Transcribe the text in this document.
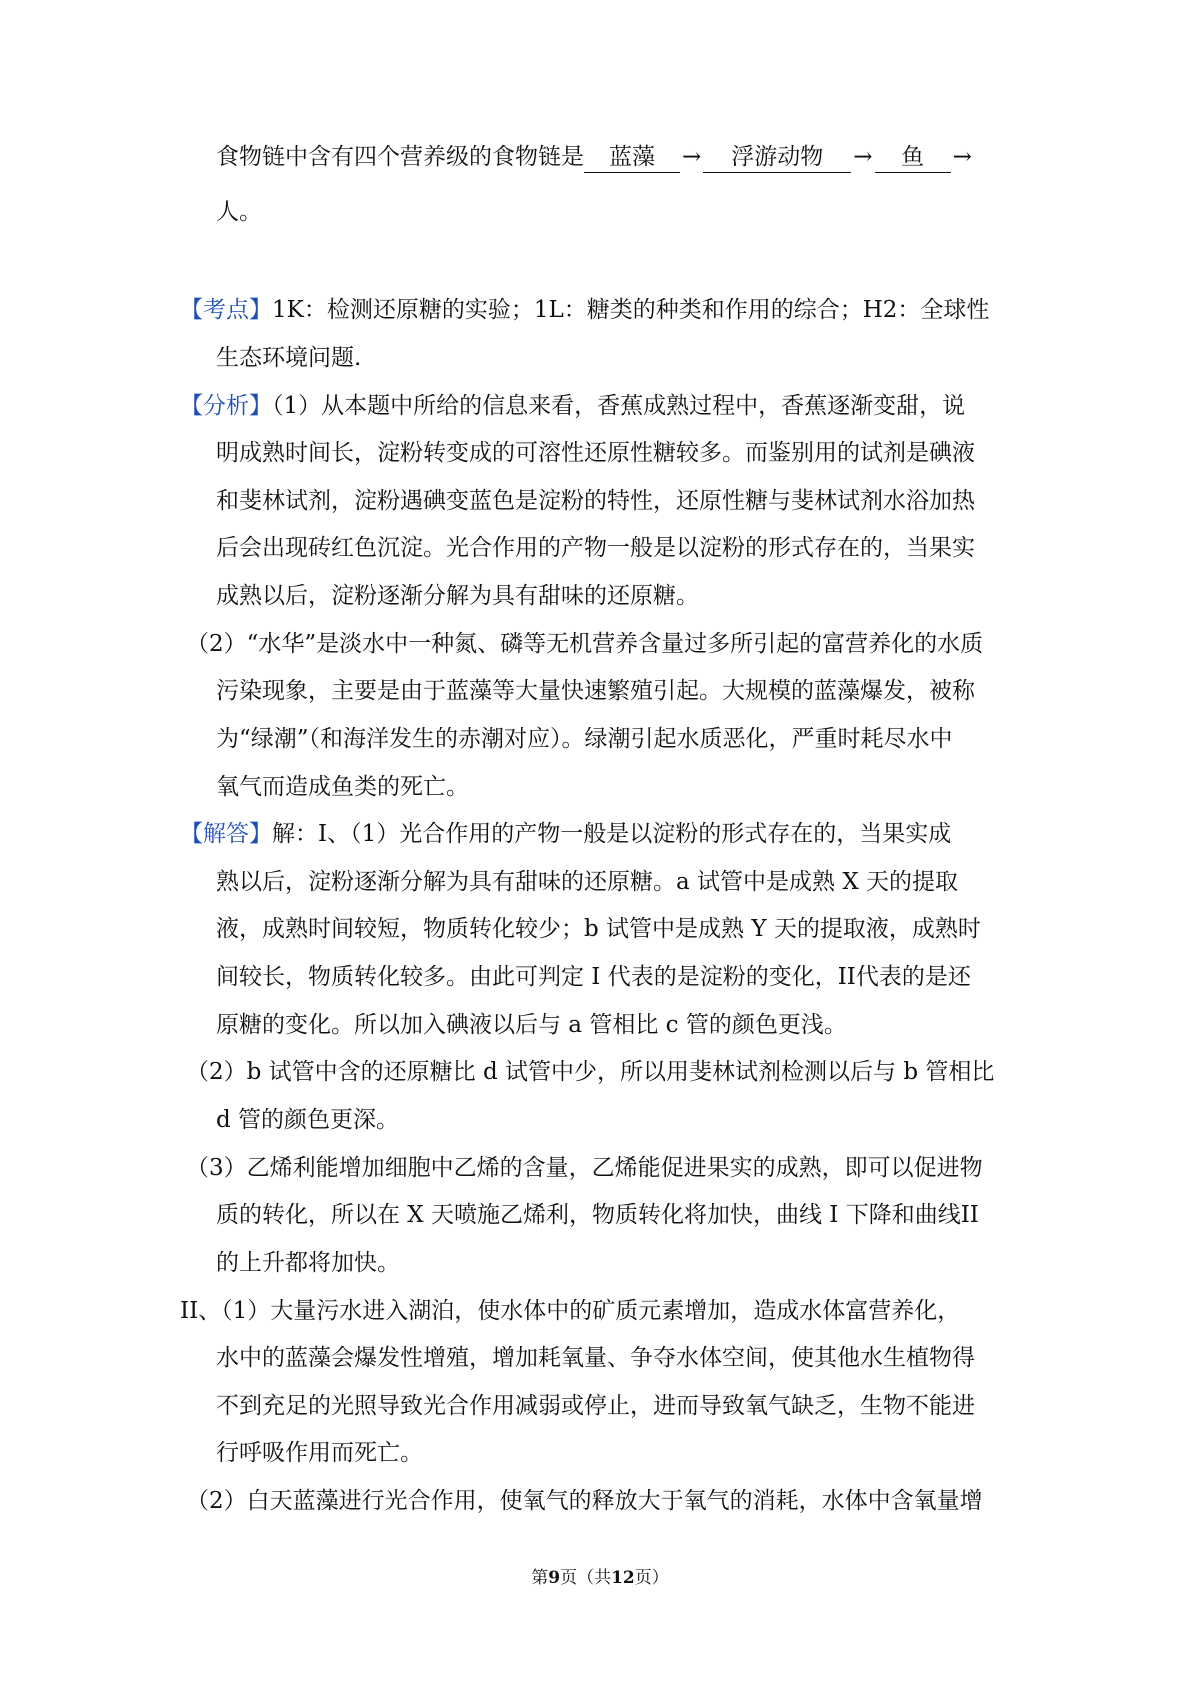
食物链中含有四个营养级的食物链是 蓝藻 → 浮游动物 → 鱼 →
人。
【考点】1K：检测还原糖的实验；1L：糖类的种类和作用的综合；H2：全球性
生态环境问题.
【分析】（1）从本题中所给的信息来看，香蕉成熟过程中，香蕉逐渐变甜，说
明成熟时间长，淀粉转变成的可溶性还原性糖较多。而鉴别用的试剂是碘液
和斐林试剂，淀粉遇碘变蓝色是淀粉的特性，还原性糖与斐林试剂水浴加热
后会出现砖红色沉淀。光合作用的产物一般是以淀粉的形式存在的，当果实
成熟以后，淀粉逐渐分解为具有甜味的还原糖。
（2）“水华”是淡水中一种氮、磷等无机营养含量过多所引起的富营养化的水质
污染现象，主要是由于蓝藻等大量快速繁殖引起。大规模的蓝藻爆发，被称
为“绿潮”（和海洋发生的赤潮对应）。绿潮引起水质恶化，严重时耗尽水中
氧气而造成鱼类的死亡。
【解答】解：I、（1）光合作用的产物一般是以淀粉的形式存在的，当果实成
熟以后，淀粉逐渐分解为具有甜味的还原糖。a 试管中是成熟 X 天的提取
液，成熟时间较短，物质转化较少；b 试管中是成熟 Y 天的提取液，成熟时
间较长，物质转化较多。由此可判定 I 代表的是淀粉的变化，II代表的是还
原糖的变化。所以加入碘液以后与 a 管相比 c 管的颜色更浅。
（2）b 试管中含的还原糖比 d 试管中少，所以用斐林试剂检测以后与 b 管相比
d 管的颜色更深。
（3）乙烯利能增加细胞中乙烯的含量，乙烯能促进果实的成熟，即可以促进物
质的转化，所以在 X 天喷施乙烯利，物质转化将加快，曲线 I 下降和曲线II
的上升都将加快。
II、（1）大量污水进入湖泊，使水体中的矿质元素增加，造成水体富营养化，
水中的蓝藻会爆发性增殖，增加耗氧量、争夺水体空间，使其他水生植物得
不到充足的光照导致光合作用减弱或停止，进而导致氧气缺乏，生物不能进
行呼吸作用而死亡。
（2）白天蓝藻进行光合作用，使氧气的释放大于氧气的消耗，水体中含氧量增
第9页（共12页）
